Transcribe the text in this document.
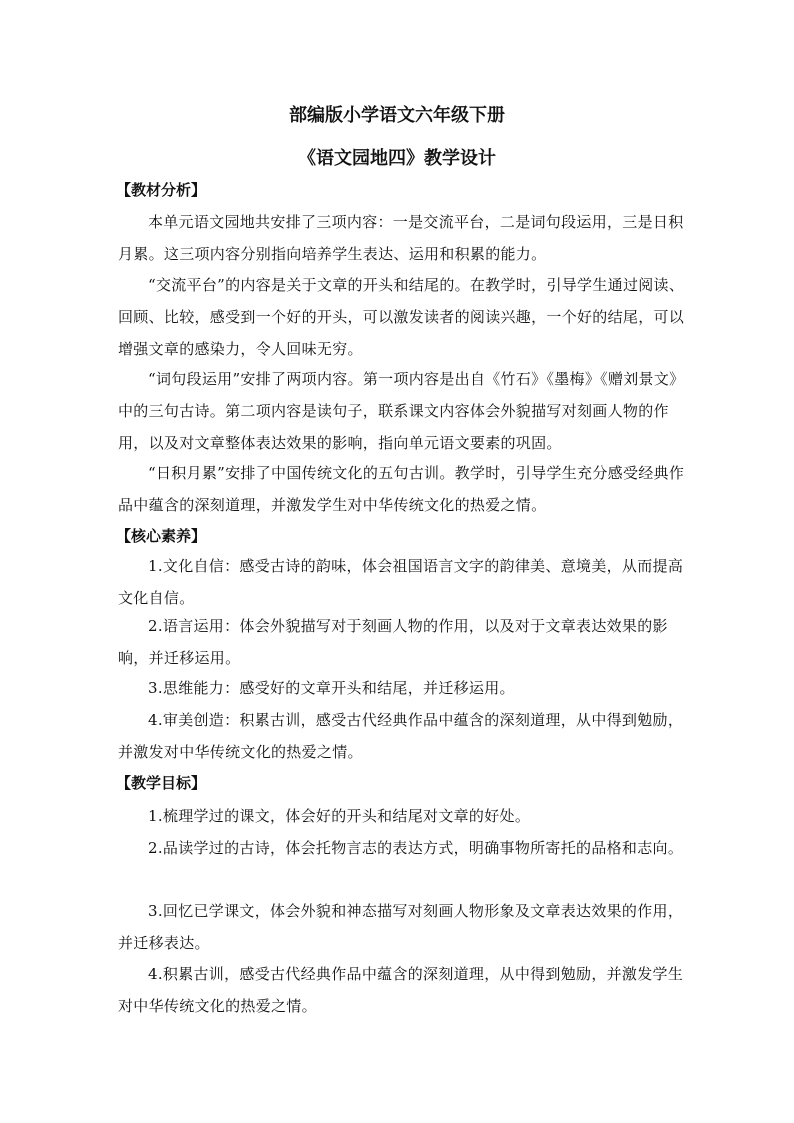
部编版小学语文六年级下册
《语文园地四》教学设计
【教材分析】

本单元语文园地共安排了三项内容：一是交流平台，二是词句段运用，三是日积月累。这三项内容分别指向培养学生表达、运用和积累的能力。

“交流平台”的内容是关于文章的开头和结尾的。在教学时，引导学生通过阅读、回顾、比较，感受到一个好的开头，可以激发读者的阅读兴趣，一个好的结尾，可以增强文章的感染力，令人回味无穷。

“词句段运用”安排了两项内容。第一项内容是出自《竹石》《墨梅》《赠刘景文》中的三句古诗。第二项内容是读句子，联系课文内容体会外貌描写对刻画人物的作用，以及对文章整体表达效果的影响，指向单元语文要素的巩固。

“日积月累”安排了中国传统文化的五句古训。教学时，引导学生充分感受经典作品中蕴含的深刻道理，并激发学生对中华传统文化的热爱之情。

【核心素养】

1.文化自信：感受古诗的韵味，体会祖国语言文字的韵律美、意境美，从而提高文化自信。

2.语言运用：体会外貌描写对于刻画人物的作用，以及对于文章表达效果的影响，并迁移运用。

3.思维能力：感受好的文章开头和结尾，并迁移运用。

4.审美创造：积累古训，感受古代经典作品中蕴含的深刻道理，从中得到勉励，并激发对中华传统文化的热爱之情。

【教学目标】

1.梳理学过的课文，体会好的开头和结尾对文章的好处。

2.品读学过的古诗，体会托物言志的表达方式，明确事物所寄托的品格和志向。

3.回忆已学课文，体会外貌和神态描写对刻画人物形象及文章表达效果的作用，并迁移表达。

4.积累古训，感受古代经典作品中蕴含的深刻道理，从中得到勉励，并激发学生对中华传统文化的热爱之情。
